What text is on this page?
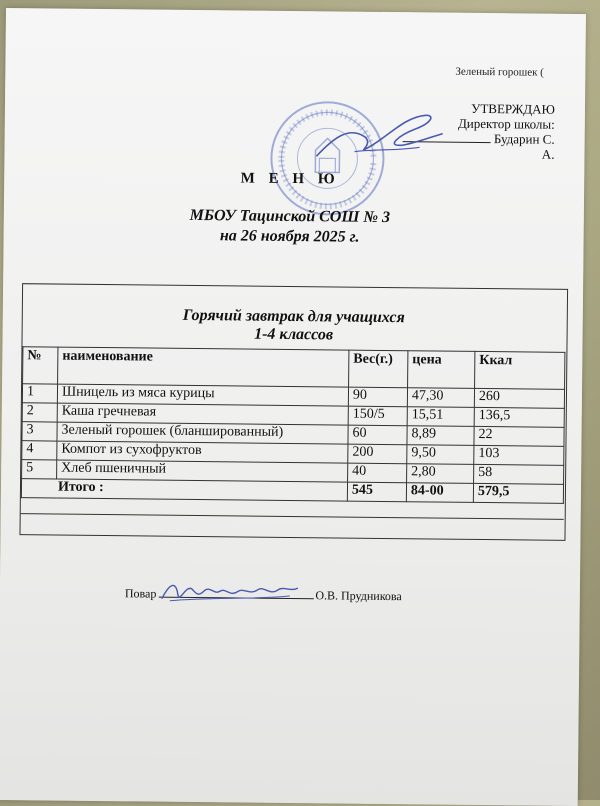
Зеленый горошек (
УТВЕРЖДАЮ
Директор школы:
Бударин С. А.
М Е Н Ю
МБОУ Тацинской СОШ № 3
на 26 ноября 2025 г.
Горячий завтрак для учащихся
1-4 классов
№	наименование	Вес(г.)	цена	Ккал
1	Шницель из мяса курицы	90	47,30	260
2	Каша гречневая	150/5	15,51	136,5
3	Зеленый горошек (бланшированный)	60	8,89	22
4	Компот из сухофруктов	200	9,50	103
5	Хлеб пшеничный	40	2,80	58
Итого :		545	84-00	579,5
Повар	О.В. Прудникова
